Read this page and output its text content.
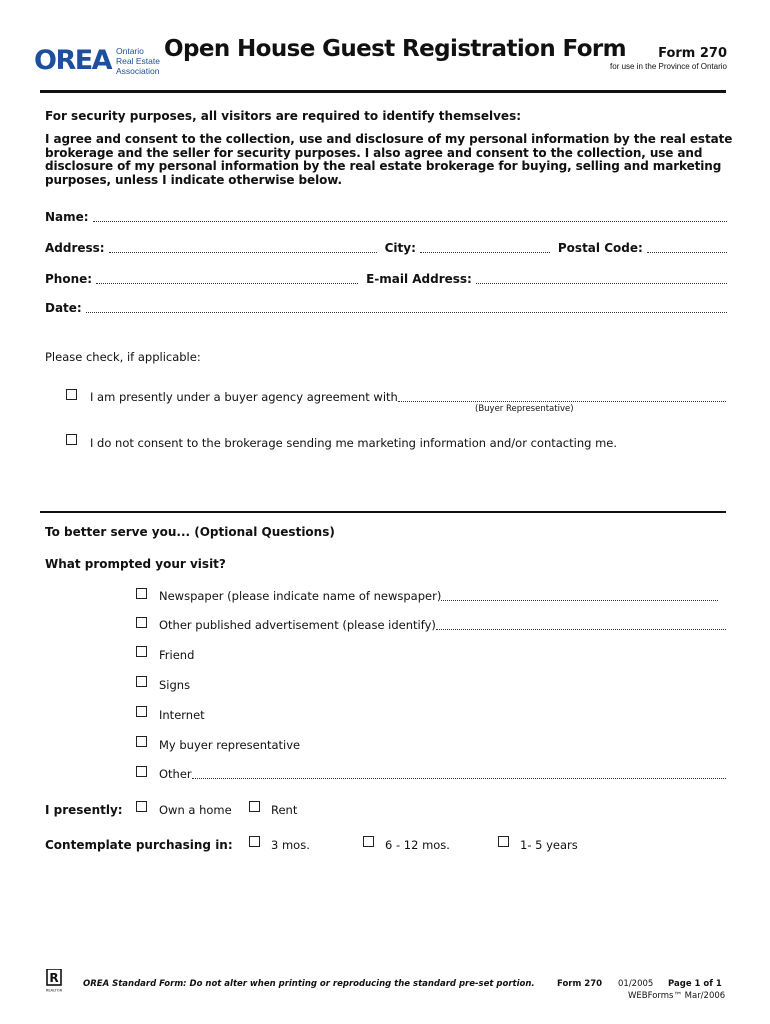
OREA Ontario
Real Estate
Association
Open House Guest Registration Form Form 270
for use in the Province of Ontario
For security purposes, all visitors are required to identify themselves:
I agree and consent to the collection, use and disclosure of my personal information by the real estate brokerage and the seller for security purposes. I also agree and consent to the collection, use and disclosure of my personal information by the real estate brokerage for buying, selling and marketing purposes, unless I indicate otherwise below.
Name:
Address:	City:	Postal Code:
Phone:	E-mail Address:
Date:
Please check, if applicable:
I am presently under a buyer agency agreement with
(Buyer Representative)
I do not consent to the brokerage sending me marketing information and/or contacting me.
To better serve you... (Optional Questions)
What prompted your visit?
Newspaper (please indicate name of newspaper)
Other published advertisement (please identify)
Friend
Signs
Internet
My buyer representative
Other
I presently:	Own a home	Rent
Contemplate purchasing in:	3 mos.	6 - 12 mos.	1- 5 years
R
REALTOR
OREA Standard Form: Do not alter when printing or reproducing the standard pre-set portion.	Form 270 01/2005 Page 1 of 1
WEBForms™ Mar/2006
